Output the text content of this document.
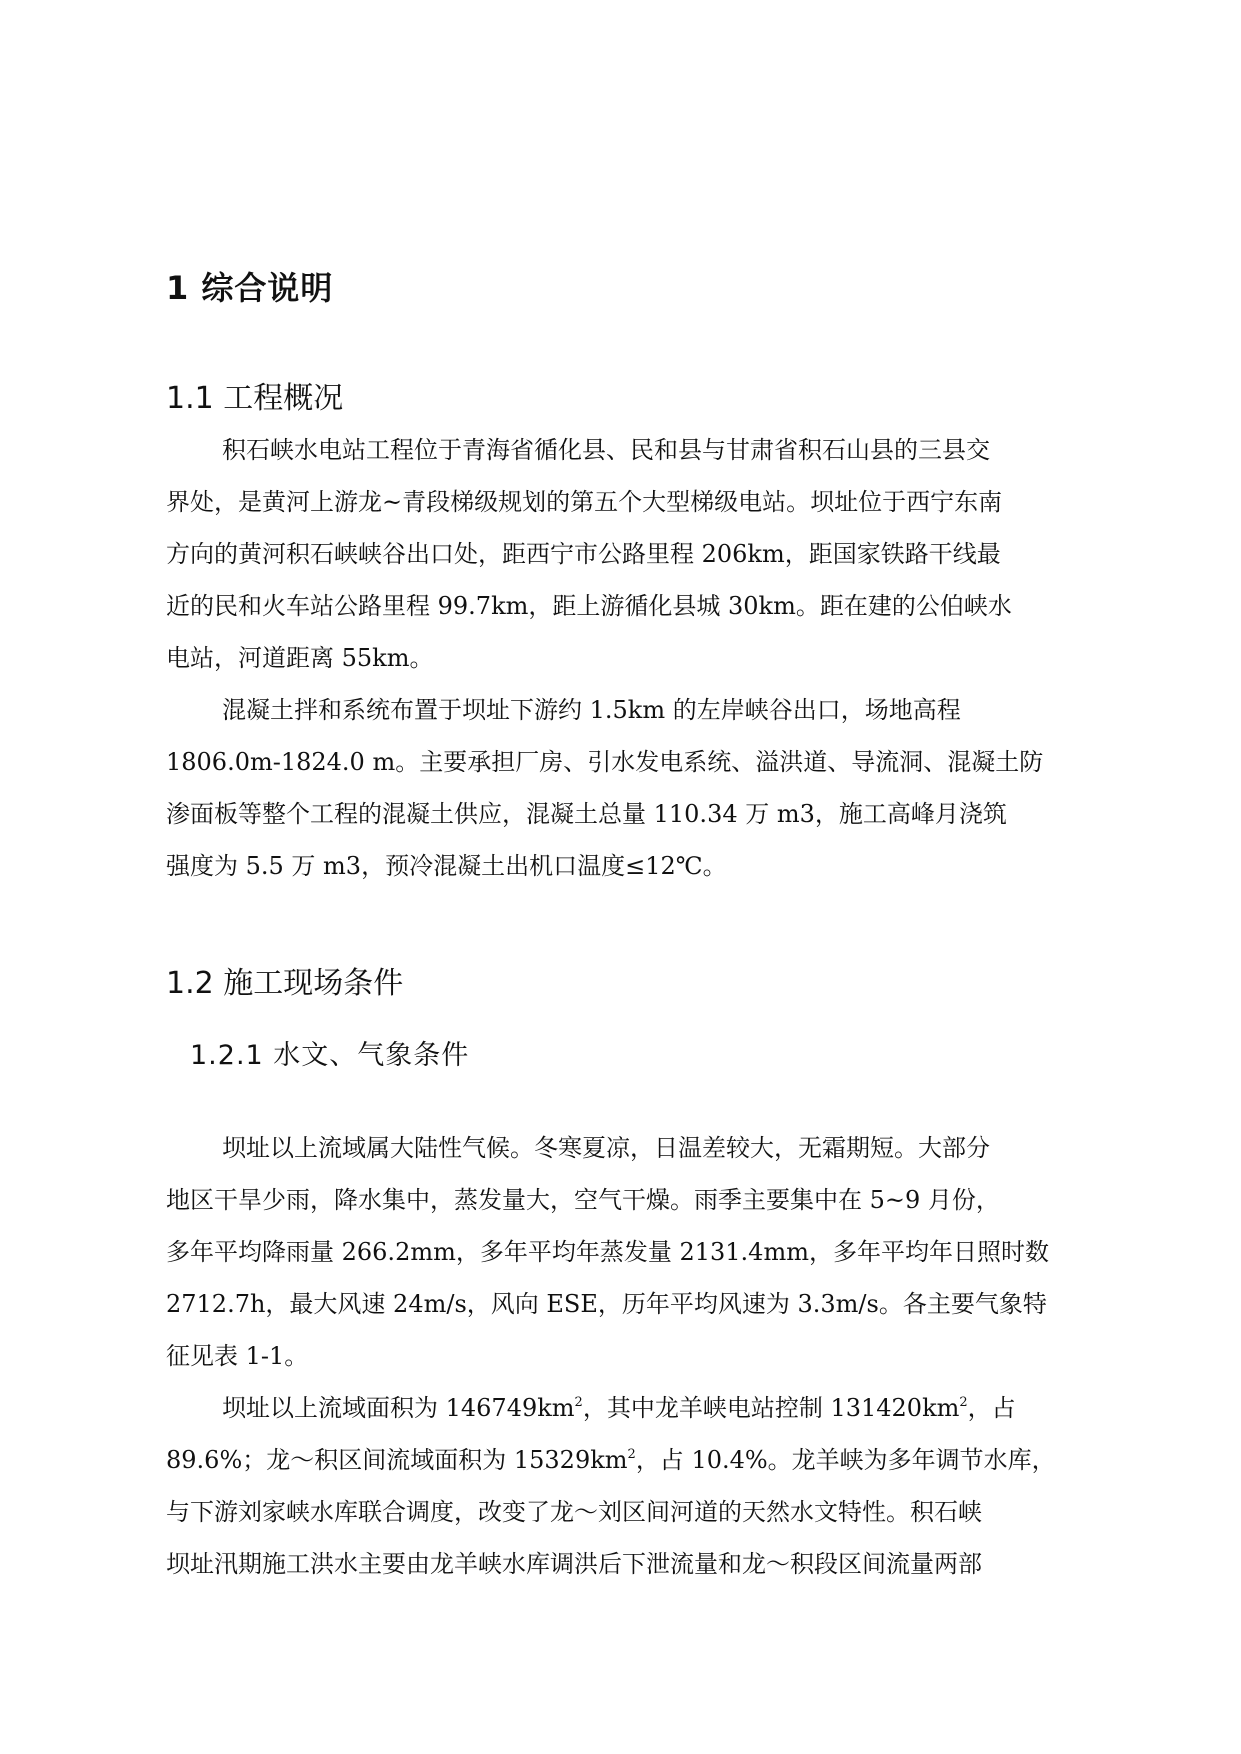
1 综合说明
1.1 工程概况
积石峡水电站工程位于青海省循化县、民和县与甘肃省积石山县的三县交
界处，是黄河上游龙~青段梯级规划的第五个大型梯级电站。坝址位于西宁东南
方向的黄河积石峡峡谷出口处，距西宁市公路里程 206km，距国家铁路干线最
近的民和火车站公路里程 99.7km，距上游循化县城 30km。距在建的公伯峡水
电站，河道距离 55km。
混凝土拌和系统布置于坝址下游约 1.5km 的左岸峡谷出口，场地高程
1806.0m-1824.0 m。主要承担厂房、引水发电系统、溢洪道、导流洞、混凝土防
渗面板等整个工程的混凝土供应，混凝土总量 110.34 万 m3，施工高峰月浇筑
强度为 5.5 万 m3，预冷混凝土出机口温度≤12℃。
1.2 施工现场条件
1.2.1 水文、气象条件
坝址以上流域属大陆性气候。冬寒夏凉，日温差较大，无霜期短。大部分
地区干旱少雨，降水集中，蒸发量大，空气干燥。雨季主要集中在 5~9 月份，
多年平均降雨量 266.2mm，多年平均年蒸发量 2131.4mm，多年平均年日照时数
2712.7h，最大风速 24m/s，风向 ESE，历年平均风速为 3.3m/s。各主要气象特
征见表 1-1。
坝址以上流域面积为 $146749km^2$，其中龙羊峡电站控制 $131420km^2$，占
89.6%；龙～积区间流域面积为 $15329km^2$，占 10.4%。龙羊峡为多年调节水库，
与下游刘家峡水库联合调度，改变了龙～刘区间河道的天然水文特性。积石峡
坝址汛期施工洪水主要由龙羊峡水库调洪后下泄流量和龙～积段区间流量两部
